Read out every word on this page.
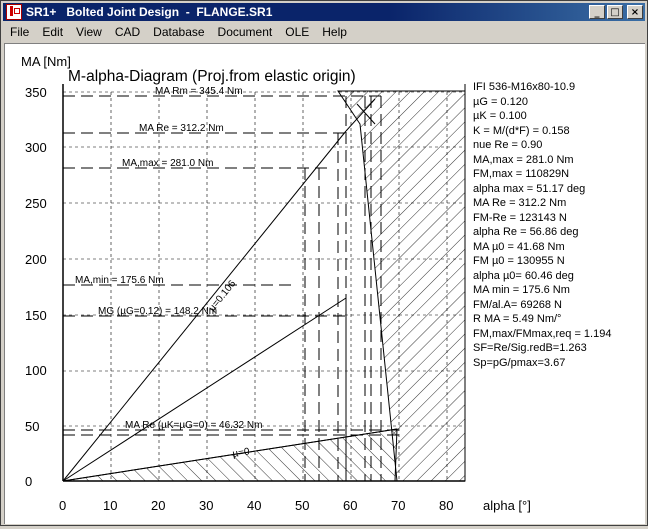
SR1+   Bolted Joint Design  -  FLANGE.SR1	_	□	×
File	Edit	View	CAD	Database	Document	OLE	Help
0	10	20	30	40	50	60	70	80
0
50
100
150
200
250
300
350
MA [Nm]
alpha [°]
M-alpha-Diagram (Proj.from elastic origin)
MA Rm = 345.4 Nm
MA Re = 312.2 Nm
MA,max = 281.0 Nm
MA,min = 175.6 Nm
MG (µG=0.12) = 148.2 Nm
MA Re (µK=µG=0) = 46.32 Nm
µ=0
µ=0.106
IFI 536-M16x80-10.9
µG = 0.120
µK = 0.100
K = M/(d*F) = 0.158
nue Re = 0.90
MA,max = 281.0 Nm
FM,max = 110829N
alpha max = 51.17 deg
MA Re = 312.2 Nm
FM-Re = 123143 N
alpha Re = 56.86 deg
MA µ0 = 41.68 Nm
FM µ0 = 130955 N
alpha µ0= 60.46 deg
MA min = 175.6 Nm
FM/al.A= 69268 N
R MA = 5.49 Nm/°
FM,max/FMmax,req = 1.194
SF=Re/Sig.redB=1.263
Sp=pG/pmax=3.67
